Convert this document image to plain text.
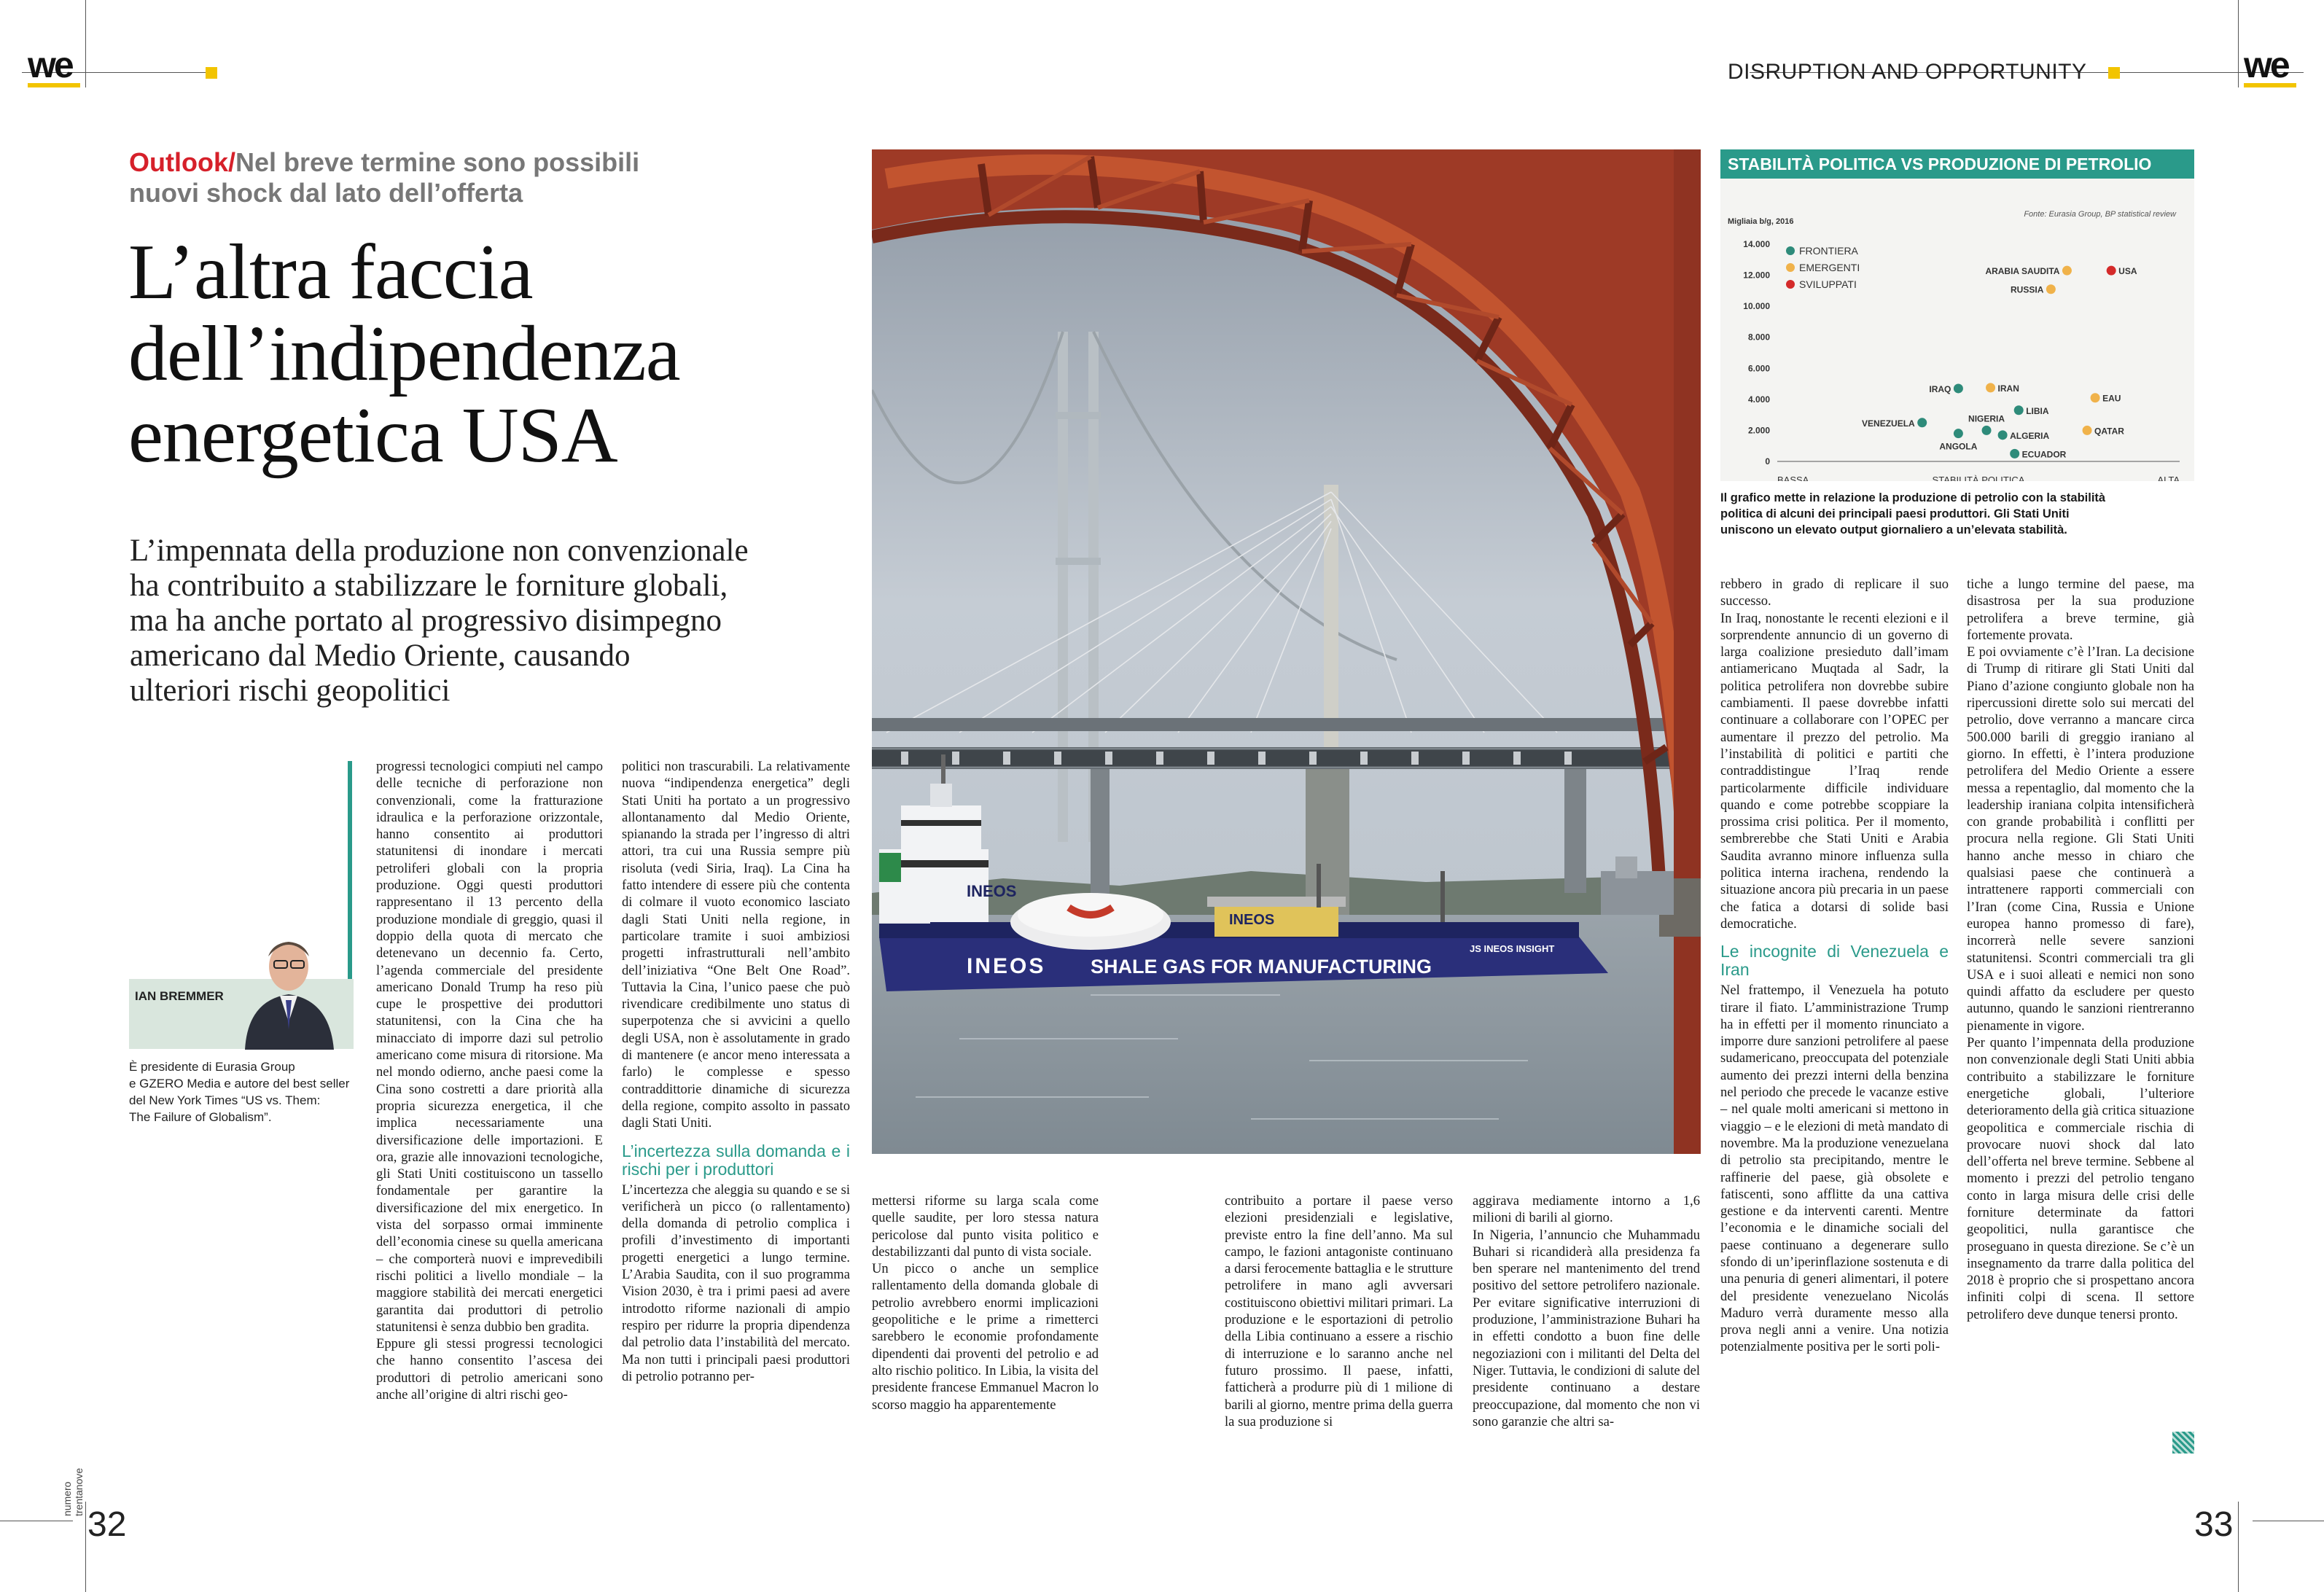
we	DISRUPTION AND OPPORTUNITY	we
Outlook/Nel breve termine sono possibili
nuovi shock dal lato dell’offerta
L’altra faccia
dell’indipendenza
energetica USA
L’impennata della produzione non convenzionale
ha contribuito a stabilizzare le forniture globali,
ma ha anche portato al progressivo disimpegno
americano dal Medio Oriente, causando
ulteriori rischi geopolitici
IAN BREMMER
È presidente di Eurasia Group
e GZERO Media e autore del best seller
del New York Times “US vs. Them:
The Failure of Globalism”.
INEOS
INEOS
INEOS SHALE GAS FOR MANUFACTURING
JS INEOS INSIGHT
STABILITÀ POLITICA VS PRODUZIONE DI PETROLIO
Migliaia b/g, 2016
Fonte: Eurasia Group, BP statistical review
0
2.000
4.000
6.000
8.000
10.000
12.000
14.000
BASSA	STABILITÀ POLITICA	ALTA
FRONTIERA
EMERGENTI
SVILUPPATI
ARABIA SAUDITA	USA
RUSSIA
IRAQ	IRAN
LIBIA
NIGERIA
VENEZUELA
ANGOLA
ALGERIA
ECUADOR
EAU
QATAR
Il grafico mette in relazione la produzione di petrolio con la stabilità
politica di alcuni dei principali paesi produttori. Gli Stati Uniti
uniscono un elevato output giornaliero a un’elevata stabilità.

progressi tecnologici compiuti nel campo delle tecniche di perforazione non convenzionali, come la fratturazione idraulica e la perforazione orizzontale, hanno consentito ai produttori statunitensi di inondare i mercati petroliferi globali con la propria produzione. Oggi questi produttori rappresentano il 13 percento della produzione mondiale di greggio, quasi il doppio della quota di mercato che detenevano un decennio fa. Certo, l’agenda commerciale del presidente americano Donald Trump ha reso più cupe le prospettive dei produttori statunitensi, con la Cina che ha minacciato di imporre dazi sul petrolio americano come misura di ritorsione. Ma nel mondo odierno, anche paesi come la Cina sono costretti a dare priorità alla propria sicurezza energetica, il che implica necessariamente una diversificazione delle importazioni. E ora, grazie alle innovazioni tecnologiche, gli Stati Uniti costituiscono un tassello fondamentale per garantire la diversificazione del mix energetico. In vista del sorpasso ormai imminente dell’economia cinese su quella americana – che comporterà nuovi e imprevedibili rischi politici a livello mondiale – la maggiore stabilità dei mercati energetici garantita dai produttori di petrolio statunitensi è senza dubbio ben gradita.

Eppure gli stessi progressi tecnologici che hanno consentito l’ascesa dei produttori di petrolio americani sono anche all’origine di altri rischi geo-

politici non trascurabili. La relativamente nuova “indipendenza energetica” degli Stati Uniti ha portato a un progressivo allontanamento dal Medio Oriente, spianando la strada per l’ingresso di altri attori, tra cui una Russia sempre più risoluta (vedi Siria, Iraq). La Cina ha fatto intendere di essere più che contenta di colmare il vuoto economico lasciato dagli Stati Uniti nella regione, in particolare tramite i suoi ambiziosi progetti infrastrutturali nell’ambito dell’iniziativa “One Belt One Road”. Tuttavia la Cina, l’unico paese che può rivendicare credibilmente uno status di superpotenza che si avvicini a quello degli USA, non è assolutamente in grado di mantenere (e ancor meno interessata a farlo) le complesse e spesso contraddittorie dinamiche di sicurezza della regione, compito assolto in passato dagli Stati Uniti.

L’incertezza sulla domanda e i rischi per i produttori

L’incertezza che aleggia su quando e se si verificherà un picco (o rallentamento) della domanda di petrolio complica i profili d’investimento di importanti progetti energetici a lungo termine. L’Arabia Saudita, con il suo programma Vision 2030, è tra i primi paesi ad avere introdotto riforme nazionali di ampio respiro per ridurre la propria dipendenza dal petrolio data l’instabilità del mercato. Ma non tutti i principali paesi produttori di petrolio potranno per-

mettersi riforme su larga scala come quelle saudite, per loro stessa natura pericolose dal punto visita politico e destabilizzanti dal punto di vista sociale.

Un picco o anche un semplice rallentamento della domanda globale di petrolio avrebbero enormi implicazioni geopolitiche e le prime a rimetterci sarebbero le economie profondamente dipendenti dai proventi del petrolio e ad alto rischio politico. In Libia, la visita del presidente francese Emmanuel Macron lo scorso maggio ha apparentemente

contribuito a portare il paese verso elezioni presidenziali e legislative, previste entro la fine dell’anno. Ma sul campo, le fazioni antagoniste continuano a darsi ferocemente battaglia e le strutture petrolifere in mano agli avversari costituiscono obiettivi militari primari. La produzione e le esportazioni di petrolio della Libia continuano a essere a rischio di interruzione e lo saranno anche nel futuro prossimo. Il paese, infatti, fatticherà a produrre più di 1 milione di barili al giorno, mentre prima della guerra la sua produzione si

aggirava mediamente intorno a 1,6 milioni di barili al giorno.

In Nigeria, l’annuncio che Muhammadu Buhari si ricandiderà alla presidenza fa ben sperare nel mantenimento del trend positivo del settore petrolifero nazionale. Per evitare significative interruzioni di produzione, l’amministrazione Buhari ha in effetti condotto a buon fine delle negoziazioni con i militanti del Delta del Niger. Tuttavia, le condizioni di salute del presidente continuano a destare preoccupazione, dal momento che non vi sono garanzie che altri sa-

rebbero in grado di replicare il suo successo.

In Iraq, nonostante le recenti elezioni e il sorprendente annuncio di un governo di larga coalizione presieduto dall’imam antiamericano Muqtada al Sadr, la politica petrolifera non dovrebbe subire cambiamenti. Il paese dovrebbe infatti continuare a collaborare con l’OPEC per aumentare il prezzo del petrolio. Ma l’instabilità di politici e partiti che contraddistingue l’Iraq rende particolarmente difficile individuare quando e come potrebbe scoppiare la prossima crisi politica. Per il momento, sembrerebbe che Stati Uniti e Arabia Saudita avranno minore influenza sulla politica interna irachena, rendendo la situazione ancora più precaria in un paese che fatica a dotarsi di solide basi democratiche.

Le incognite di Venezuela e Iran

Nel frattempo, il Venezuela ha potuto tirare il fiato. L’amministrazione Trump ha in effetti per il momento rinunciato a imporre dure sanzioni petrolifere al paese sudamericano, preoccupata del potenziale aumento dei prezzi interni della benzina nel periodo che precede le vacanze estive – nel quale molti americani si mettono in viaggio – e le elezioni di metà mandato di novembre. Ma la produzione venezuelana di petrolio sta precipitando, mentre le raffinerie del paese, già obsolete e fatiscenti, sono afflitte da una cattiva gestione e da interventi carenti. Mentre l’economia e le dinamiche sociali del paese continuano a degenerare sullo sfondo di un’iperinflazione sostenuta e di una penuria di generi alimentari, il potere del presidente venezuelano Nicolás Maduro verrà duramente messo alla prova negli anni a venire. Una notizia potenzialmente positiva per le sorti poli-

tiche a lungo termine del paese, ma disastrosa per la sua produzione petrolifera a breve termine, già fortemente provata.

E poi ovviamente c’è l’Iran. La decisione di Trump di ritirare gli Stati Uniti dal Piano d’azione congiunto globale non ha ripercussioni dirette solo sui mercati del petrolio, dove verranno a mancare circa 500.000 barili di greggio iraniano al giorno. In effetti, è l’intera produzione petrolifera del Medio Oriente a essere messa a repentaglio, dal momento che la leadership iraniana colpita intensificherà con grande probabilità i conflitti per procura nella regione. Gli Stati Uniti hanno anche messo in chiaro che qualsiasi paese che continuerà a intrattenere rapporti commerciali con l’Iran (come Cina, Russia e Unione europea hanno promesso di fare), incorrerà nelle severe sanzioni statunitensi. Scontri commerciali tra gli USA e i suoi alleati e nemici non sono quindi affatto da escludere per questo autunno, quando le sanzioni rientreranno pienamente in vigore.

Per quanto l’impennata della produzione non convenzionale degli Stati Uniti abbia contribuito a stabilizzare le forniture energetiche globali, l’ulteriore deterioramento della già critica situazione geopolitica e commerciale rischia di provocare nuovi shock dal lato dell’offerta nel breve termine. Sebbene al momento i prezzi del petrolio tengano conto in larga misura delle crisi delle forniture determinate da fattori geopolitici, nulla garantisce che proseguano in questa direzione. Se c’è un insegnamento da trarre dalla politica del 2018 è proprio che si prospettano ancora infiniti colpi di scena. Il settore petrolifero deve dunque tenersi pronto.

numero trentanove
32	33
